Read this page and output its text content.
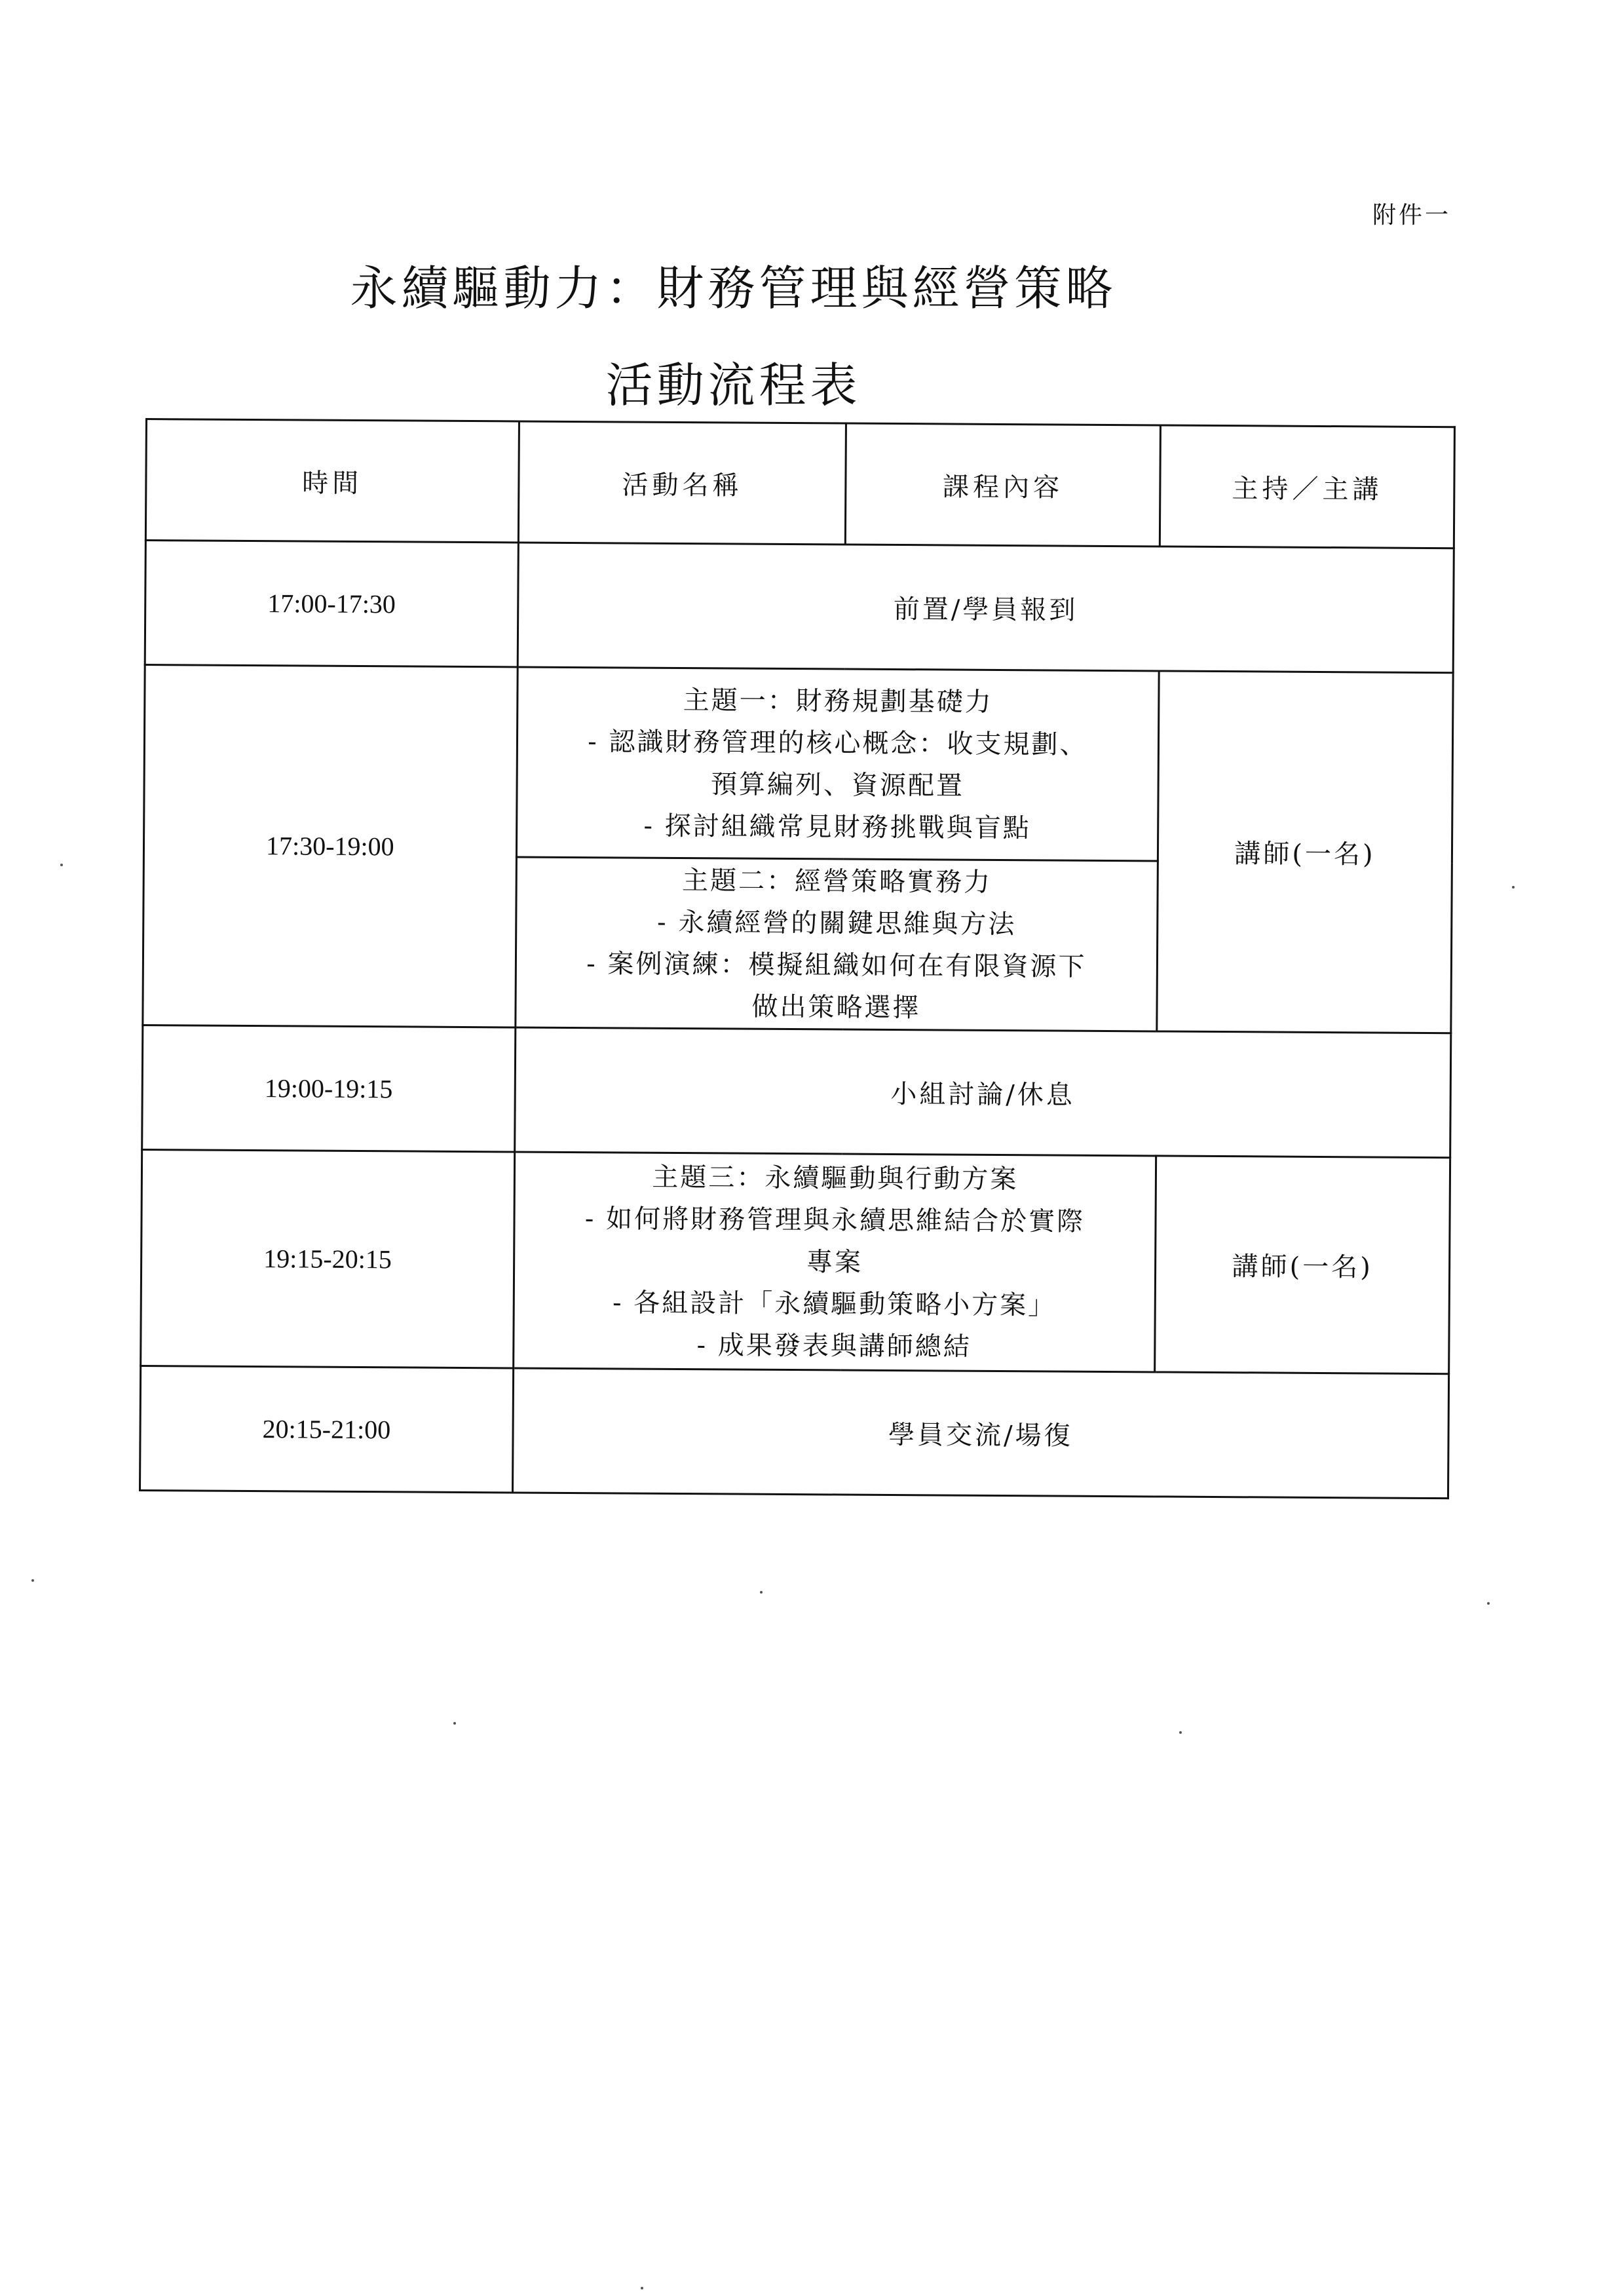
附件一
永續驅動力：財務管理與經營策略
活動流程表
時間	活動名稱	課程內容	主持／主講
17:00-17:30	前置/學員報到		
17:30-19:00	主題一：財務規劃基礎力
- 認識財務管理的核心概念：收支規劃、
預算編列、資源配置
- 探討組織常見財務挑戰與盲點		講師(一名)

	主題二：經營策略實務力
- 永續經營的關鍵思維與方法
- 案例演練：模擬組織如何在有限資源下
做出策略選擇		

19:00-19:15	小組討論/休息		
19:15-20:15	主題三：永續驅動與行動方案
- 如何將財務管理與永續思維結合於實際
專案
- 各組設計「永續驅動策略小方案」
- 成果發表與講師總結		講師(一名)
20:15-21:00	學員交流/場復		
